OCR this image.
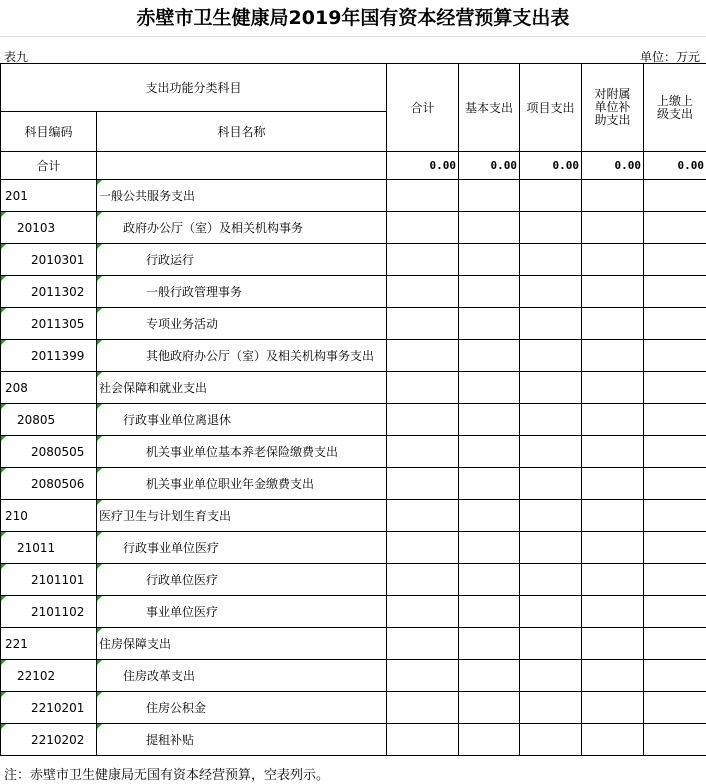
赤壁市卫生健康局2019年国有资本经营预算支出表
表九	单位：万元
支出功能分类科目		合计	基本支出	项目支出	对附属单位补助支出	上缴上级支出
科目编码	科目名称					
合计		0.00	0.00	0.00	0.00	0.00
201	一般公共服务支出					
20103	政府办公厅（室）及相关机构事务					
2010301	行政运行					
2011302	一般行政管理事务					
2011305	专项业务活动					
2011399	其他政府办公厅（室）及相关机构事务支出					
208	社会保障和就业支出					
20805	行政事业单位离退休					
2080505	机关事业单位基本养老保险缴费支出					
2080506	机关事业单位职业年金缴费支出					
210	医疗卫生与计划生育支出					
21011	行政事业单位医疗					
2101101	行政单位医疗					
2101102	事业单位医疗					
221	住房保障支出					
22102	住房改革支出					
2210201	住房公积金					
2210202	提租补贴					
注：赤壁市卫生健康局无国有资本经营预算，空表列示。
